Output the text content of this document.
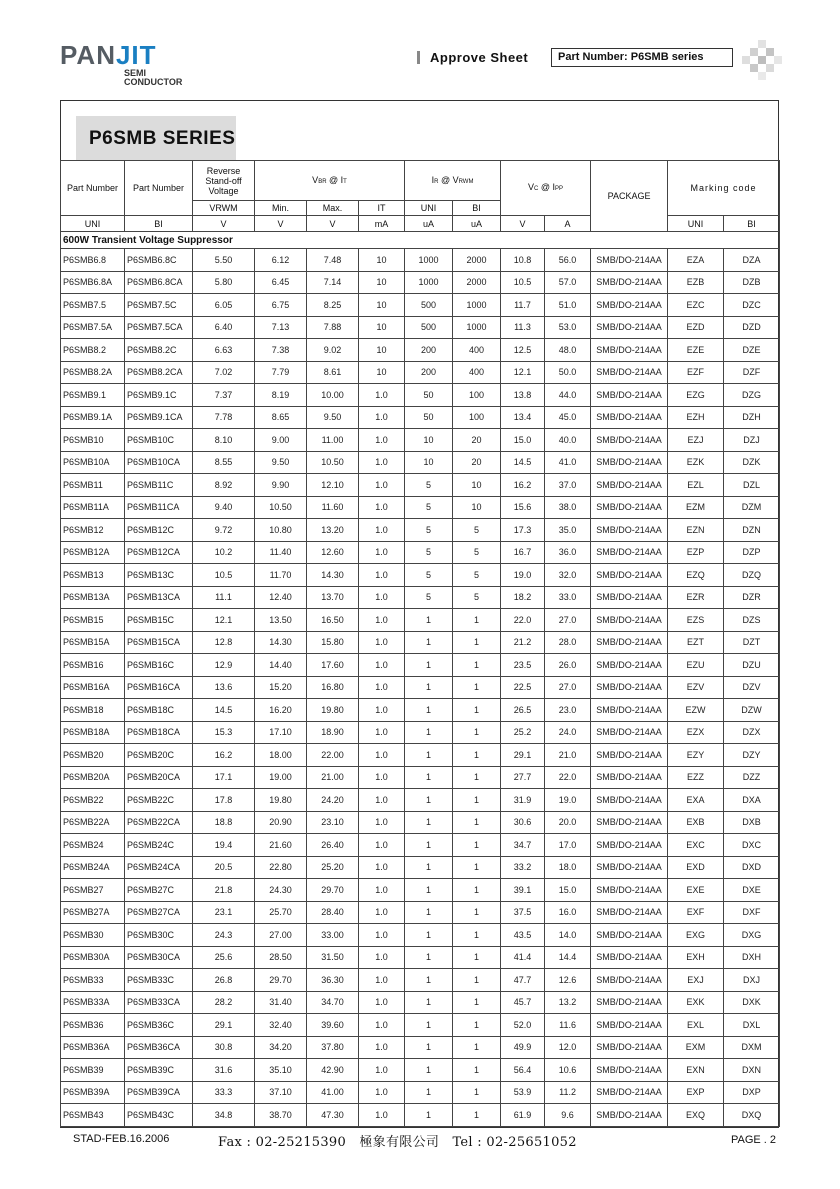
PANJIT
SEMI
CONDUCTOR
Approve Sheet	Part Number: P6SMB series
P6SMB SERIES
Part Number	Part Number	Reverse
Stand-off
Voltage	VBR @ IT			IR @ VRWM		VC @ IPP		PACKAGE	Marking code	
		VRWM	Min.	Max.	IT	UNI	BI					
UNI	BI	V	V	V	mA	uA	uA	V	A		UNI	BI
600W Transient Voltage Suppressor												
P6SMB6.8	P6SMB6.8C	5.50	6.12	7.48	10	1000	2000	10.8	56.0	SMB/DO-214AA	EZA	DZA
P6SMB6.8A	P6SMB6.8CA	5.80	6.45	7.14	10	1000	2000	10.5	57.0	SMB/DO-214AA	EZB	DZB
P6SMB7.5	P6SMB7.5C	6.05	6.75	8.25	10	500	1000	11.7	51.0	SMB/DO-214AA	EZC	DZC
P6SMB7.5A	P6SMB7.5CA	6.40	7.13	7.88	10	500	1000	11.3	53.0	SMB/DO-214AA	EZD	DZD
P6SMB8.2	P6SMB8.2C	6.63	7.38	9.02	10	200	400	12.5	48.0	SMB/DO-214AA	EZE	DZE
P6SMB8.2A	P6SMB8.2CA	7.02	7.79	8.61	10	200	400	12.1	50.0	SMB/DO-214AA	EZF	DZF
P6SMB9.1	P6SMB9.1C	7.37	8.19	10.00	1.0	50	100	13.8	44.0	SMB/DO-214AA	EZG	DZG
P6SMB9.1A	P6SMB9.1CA	7.78	8.65	9.50	1.0	50	100	13.4	45.0	SMB/DO-214AA	EZH	DZH
P6SMB10	P6SMB10C	8.10	9.00	11.00	1.0	10	20	15.0	40.0	SMB/DO-214AA	EZJ	DZJ
P6SMB10A	P6SMB10CA	8.55	9.50	10.50	1.0	10	20	14.5	41.0	SMB/DO-214AA	EZK	DZK
P6SMB11	P6SMB11C	8.92	9.90	12.10	1.0	5	10	16.2	37.0	SMB/DO-214AA	EZL	DZL
P6SMB11A	P6SMB11CA	9.40	10.50	11.60	1.0	5	10	15.6	38.0	SMB/DO-214AA	EZM	DZM
P6SMB12	P6SMB12C	9.72	10.80	13.20	1.0	5	5	17.3	35.0	SMB/DO-214AA	EZN	DZN
P6SMB12A	P6SMB12CA	10.2	11.40	12.60	1.0	5	5	16.7	36.0	SMB/DO-214AA	EZP	DZP
P6SMB13	P6SMB13C	10.5	11.70	14.30	1.0	5	5	19.0	32.0	SMB/DO-214AA	EZQ	DZQ
P6SMB13A	P6SMB13CA	11.1	12.40	13.70	1.0	5	5	18.2	33.0	SMB/DO-214AA	EZR	DZR
P6SMB15	P6SMB15C	12.1	13.50	16.50	1.0	1	1	22.0	27.0	SMB/DO-214AA	EZS	DZS
P6SMB15A	P6SMB15CA	12.8	14.30	15.80	1.0	1	1	21.2	28.0	SMB/DO-214AA	EZT	DZT
P6SMB16	P6SMB16C	12.9	14.40	17.60	1.0	1	1	23.5	26.0	SMB/DO-214AA	EZU	DZU
P6SMB16A	P6SMB16CA	13.6	15.20	16.80	1.0	1	1	22.5	27.0	SMB/DO-214AA	EZV	DZV
P6SMB18	P6SMB18C	14.5	16.20	19.80	1.0	1	1	26.5	23.0	SMB/DO-214AA	EZW	DZW
P6SMB18A	P6SMB18CA	15.3	17.10	18.90	1.0	1	1	25.2	24.0	SMB/DO-214AA	EZX	DZX
P6SMB20	P6SMB20C	16.2	18.00	22.00	1.0	1	1	29.1	21.0	SMB/DO-214AA	EZY	DZY
P6SMB20A	P6SMB20CA	17.1	19.00	21.00	1.0	1	1	27.7	22.0	SMB/DO-214AA	EZZ	DZZ
P6SMB22	P6SMB22C	17.8	19.80	24.20	1.0	1	1	31.9	19.0	SMB/DO-214AA	EXA	DXA
P6SMB22A	P6SMB22CA	18.8	20.90	23.10	1.0	1	1	30.6	20.0	SMB/DO-214AA	EXB	DXB
P6SMB24	P6SMB24C	19.4	21.60	26.40	1.0	1	1	34.7	17.0	SMB/DO-214AA	EXC	DXC
P6SMB24A	P6SMB24CA	20.5	22.80	25.20	1.0	1	1	33.2	18.0	SMB/DO-214AA	EXD	DXD
P6SMB27	P6SMB27C	21.8	24.30	29.70	1.0	1	1	39.1	15.0	SMB/DO-214AA	EXE	DXE
P6SMB27A	P6SMB27CA	23.1	25.70	28.40	1.0	1	1	37.5	16.0	SMB/DO-214AA	EXF	DXF
P6SMB30	P6SMB30C	24.3	27.00	33.00	1.0	1	1	43.5	14.0	SMB/DO-214AA	EXG	DXG
P6SMB30A	P6SMB30CA	25.6	28.50	31.50	1.0	1	1	41.4	14.4	SMB/DO-214AA	EXH	DXH
P6SMB33	P6SMB33C	26.8	29.70	36.30	1.0	1	1	47.7	12.6	SMB/DO-214AA	EXJ	DXJ
P6SMB33A	P6SMB33CA	28.2	31.40	34.70	1.0	1	1	45.7	13.2	SMB/DO-214AA	EXK	DXK
P6SMB36	P6SMB36C	29.1	32.40	39.60	1.0	1	1	52.0	11.6	SMB/DO-214AA	EXL	DXL
P6SMB36A	P6SMB36CA	30.8	34.20	37.80	1.0	1	1	49.9	12.0	SMB/DO-214AA	EXM	DXM
P6SMB39	P6SMB39C	31.6	35.10	42.90	1.0	1	1	56.4	10.6	SMB/DO-214AA	EXN	DXN
P6SMB39A	P6SMB39CA	33.3	37.10	41.00	1.0	1	1	53.9	11.2	SMB/DO-214AA	EXP	DXP
P6SMB43	P6SMB43C	34.8	38.70	47.30	1.0	1	1	61.9	9.6	SMB/DO-214AA	EXQ	DXQ
STAD-FEB.16.2006	Fax : 02-25215390   極象有限公司   Tel : 02-25651052	PAGE . 2
